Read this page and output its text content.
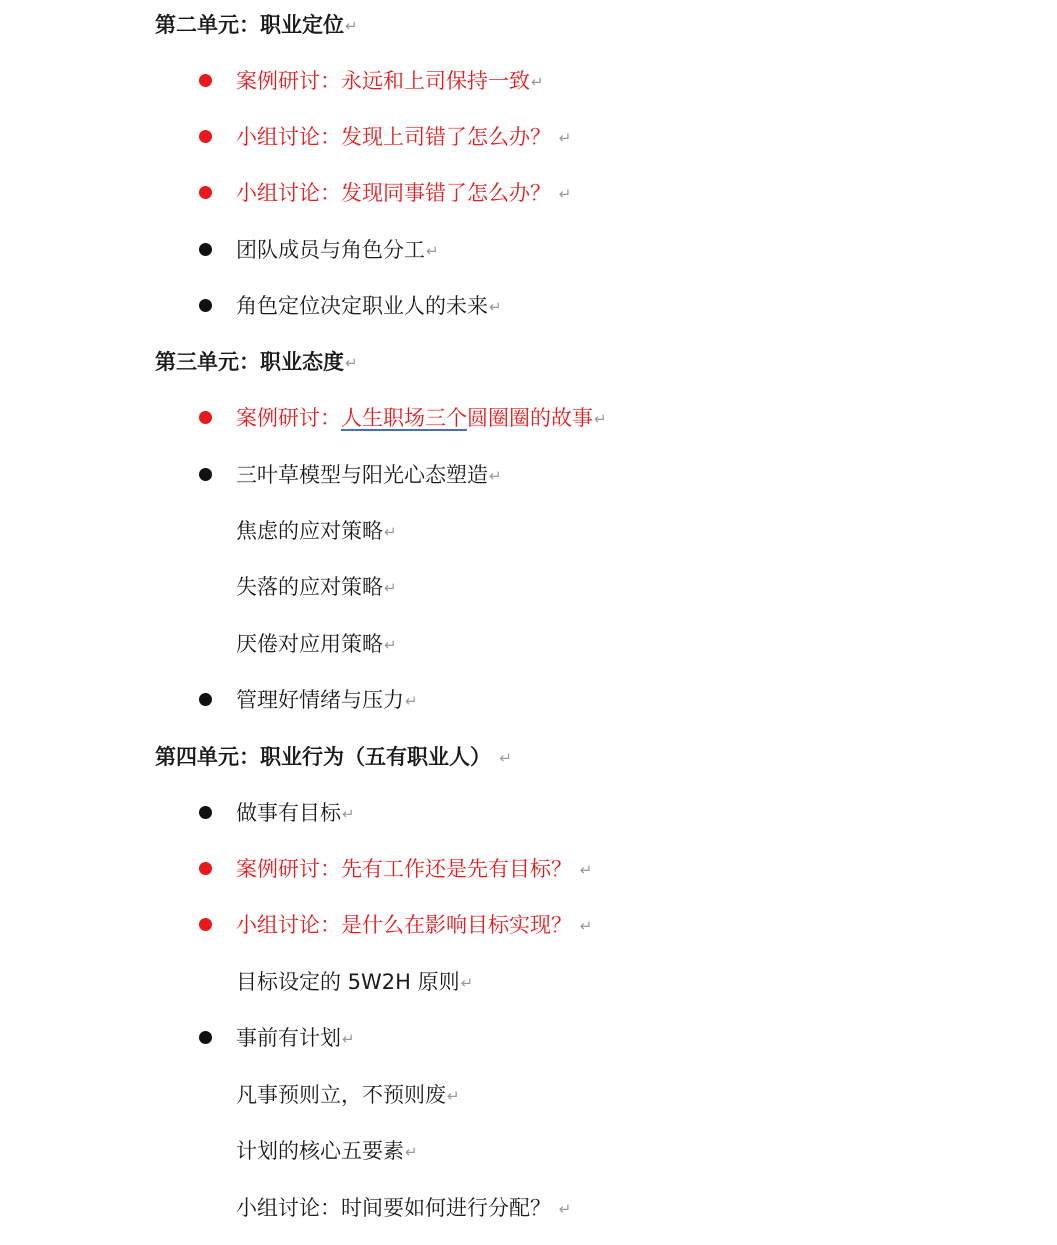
第二单元：职业定位↵
案例研讨：永远和上司保持一致↵
小组讨论：发现上司错了怎么办？ ↵
小组讨论：发现同事错了怎么办？ ↵
团队成员与角色分工↵
角色定位决定职业人的未来↵
第三单元：职业态度↵
案例研讨：人生职场三个圆圈圈的故事↵
三叶草模型与阳光心态塑造↵
焦虑的应对策略↵
失落的应对策略↵
厌倦对应用策略↵
管理好情绪与压力↵
第四单元：职业行为（五有职业人） ↵
做事有目标↵
案例研讨：先有工作还是先有目标？ ↵
小组讨论：是什么在影响目标实现？ ↵
目标设定的 5W2H 原则↵
事前有计划↵
凡事预则立，不预则废↵
计划的核心五要素↵
小组讨论：时间要如何进行分配？ ↵
